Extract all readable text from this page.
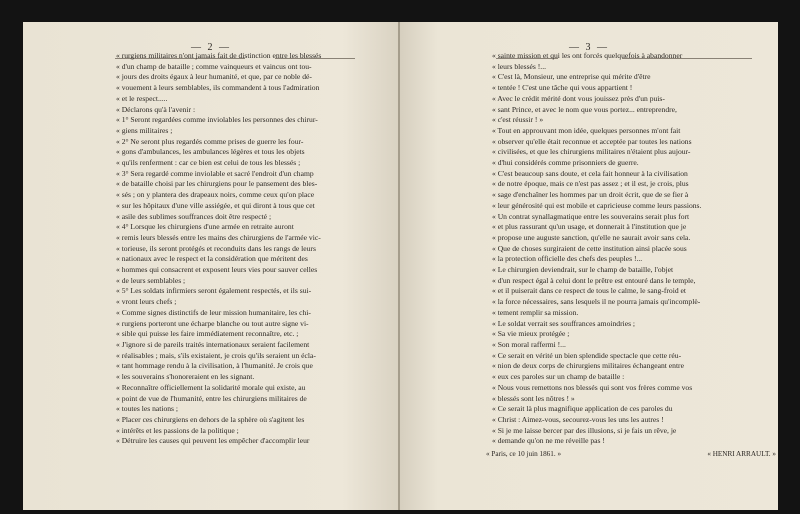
— 2 —
« rurgiens militaires n'ont jamais fait de distinction entre les blessés
« d'un champ de bataille ; comme vainqueurs et vaincus ont tou-
« jours des droits égaux à leur humanité, et que, par ce noble dé-
« vouement à leurs semblables, ils commandent à tous l'admiration
« et le respect.....
« Déclarons qu'à l'avenir :
« 1° Seront regardées comme inviolables les personnes des chirur-
« giens militaires ;
« 2° Ne seront plus regardés comme prises de guerre les four-
« gons d'ambulances, les ambulances légères et tous les objets
« qu'ils renferment : car ce bien est celui de tous les blessés ;
« 3° Sera regardé comme inviolable et sacré l'endroit d'un champ
« de bataille choisi par les chirurgiens pour le pansement des bles-
« sés ; on y plantera des drapeaux noirs, comme ceux qu'on place
« sur les hôpitaux d'une ville assiégée, et qui diront à tous que cet
« asile des sublimes souffrances doit être respecté ;
« 4° Lorsque les chirurgiens d'une armée en retraite auront
« remis leurs blessés entre les mains des chirurgiens de l'armée vic-
« torieuse, ils seront protégés et reconduits dans les rangs de leurs
« nationaux avec le respect et la considération que méritent des
« hommes qui consacrent et exposent leurs vies pour sauver celles
« de leurs semblables ;
« 5° Les soldats infirmiers seront également respectés, et ils sui-
« vront leurs chefs ;
« Comme signes distinctifs de leur mission humanitaire, les chi-
« rurgiens porteront une écharpe blanche ou tout autre signe vi-
« sible qui puisse les faire immédiatement reconnaître, etc. ;
« J'ignore si de pareils traités internationaux seraient facilement
« réalisables ; mais, s'ils existaient, je crois qu'ils seraient un écla-
« tant hommage rendu à la civilisation, à l'humanité. Je crois que
« les souverains s'honoreraient en les signant.
« Reconnaître officiellement la solidarité morale qui existe, au
« point de vue de l'humanité, entre les chirurgiens militaires de
« toutes les nations ;
« Placer ces chirurgiens en dehors de la sphère où s'agitent les
« intérêts et les passions de la politique ;
« Détruire les causes qui peuvent les empêcher d'accomplir leur
— 3 —
« sainte mission et qui les ont forcés quelquefois à abandonner
« leurs blessés !...
« C'est là, Monsieur, une entreprise qui mérite d'être
« tentée ! C'est une tâche qui vous appartient !
« Avec le crédit mérité dont vous jouissez près d'un puis-
« sant Prince, et avec le nom que vous portez... entreprendre,
« c'est réussir ! »
« Tout en approuvant mon idée, quelques personnes m'ont fait
« observer qu'elle était reconnue et acceptée par toutes les nations
« civilisées, et que les chirurgiens militaires n'étaient plus aujour-
« d'hui considérés comme prisonniers de guerre.
« C'est beaucoup sans doute, et cela fait honneur à la civilisation
« de notre époque, mais ce n'est pas assez ; et il est, je crois, plus
« sage d'enchaîner les hommes par un droit écrit, que de se fier à
« leur générosité qui est mobile et capricieuse comme leurs passions.
« Un contrat synallagmatique entre les souverains serait plus fort
« et plus rassurant qu'un usage, et donnerait à l'institution que je
« propose une auguste sanction, qu'elle ne saurait avoir sans cela.
« Que de choses surgiraient de cette institution ainsi placée sous
« la protection officielle des chefs des peuples !...
« Le chirurgien deviendrait, sur le champ de bataille, l'objet
« d'un respect égal à celui dont le prêtre est entouré dans le temple,
« et il puiserait dans ce respect de tous le calme, le sang-froid et
« la force nécessaires, sans lesquels il ne pourra jamais qu'incomplè-
« tement remplir sa mission.
« Le soldat verrait ses souffrances amoindries ;
« Sa vie mieux protégée ;
« Son moral raffermi !...
« Ce serait en vérité un bien splendide spectacle que cette réu-
« nion de deux corps de chirurgiens militaires échangeant entre
« eux ces paroles sur un champ de bataille :
« Nous vous remettons nos blessés qui sont vos frères comme vos
« blessés sont les nôtres ! »
« Ce serait là plus magnifique application de ces paroles du
« Christ : Aimez-vous, secourez-vous les uns les autres !
« Si je me laisse bercer par des illusions, si je fais un rêve, je
« demande qu'on ne me réveille pas !
« Paris, ce 10 juin 1861. »	« HENRI ARRAULT. »
